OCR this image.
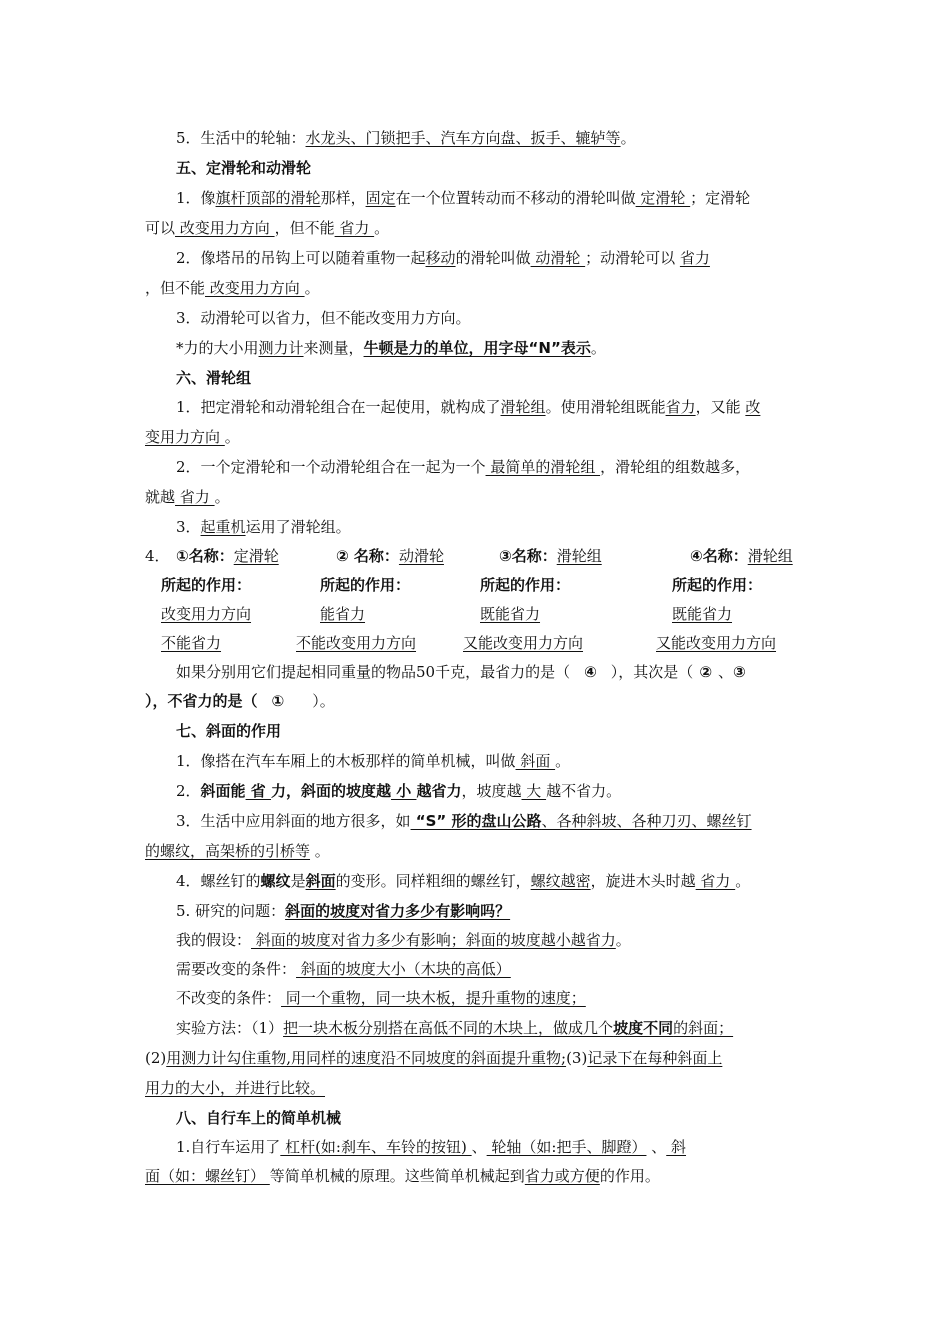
5．生活中的轮轴：水龙头、门锁把手、汽车方向盘、扳手、辘轳等。
五、定滑轮和动滑轮
1．像旗杆顶部的滑轮那样，固定在一个位置转动而不移动的滑轮叫做 定滑轮 ；定滑轮
可以 改变用力方向 ，但不能 省力 。
2．像塔吊的吊钩上可以随着重物一起移动的滑轮叫做 动滑轮 ；动滑轮可以 省力
，但不能 改变用力方向 。
3．动滑轮可以省力，但不能改变用力方向。
*力的大小用测力计来测量，牛顿是力的单位，用字母“N”表示。
六、滑轮组
1．把定滑轮和动滑轮组合在一起使用，就构成了滑轮组。使用滑轮组既能省力，又能 改
变用力方向 。
2．一个定滑轮和一个动滑轮组合在一起为一个 最简单的滑轮组 ，滑轮组的组数越多，
就越 省力 。
3．起重机运用了滑轮组。
4． ①名称：定滑轮	② 名称：动滑轮	③名称：滑轮组	④名称：滑轮组
所起的作用：	所起的作用：	所起的作用：	所起的作用：
改变用力方向	能省力	既能省力	既能省力
不能省力	不能改变用力方向	又能改变用力方向	又能改变用力方向
如果分别用它们提起相同重量的物品50千克，最省力的是（ ④ ），其次是（ ② 、③
），不省力的是（ ① ）。
七、斜面的作用
1．像搭在汽车车厢上的木板那样的简单机械，叫做 斜面 。
2．斜面能 省 力，斜面的坡度越 小 越省力，坡度越 大 越不省力。
3．生活中应用斜面的地方很多，如 “S” 形的盘山公路、各种斜坡、各种刀刃、螺丝钉
的螺纹，高架桥的引桥等 。
4．螺丝钉的螺纹是斜面的变形。同样粗细的螺丝钉，螺纹越密，旋进木头时越 省力 。
5. 研究的问题：斜面的坡度对省力多少有影响吗？
我的假设： 斜面的坡度对省力多少有影响；斜面的坡度越小越省力。
需要改变的条件： 斜面的坡度大小（木块的高低）
不改变的条件： 同一个重物，同一块木板，提升重物的速度；
实验方法：（1）把一块木板分别搭在高低不同的木块上，做成几个坡度不同的斜面；
(2)用测力计勾住重物,用同样的速度沿不同坡度的斜面提升重物;(3)记录下在每种斜面上
用力的大小，并进行比较。
八、自行车上的简单机械
1.自行车运用了 杠杆(如:刹车、车铃的按钮) 、 轮轴（如:把手、脚蹬） 、 斜
面（如：螺丝钉） 等简单机械的原理。这些简单机械起到省力或方便的作用。
